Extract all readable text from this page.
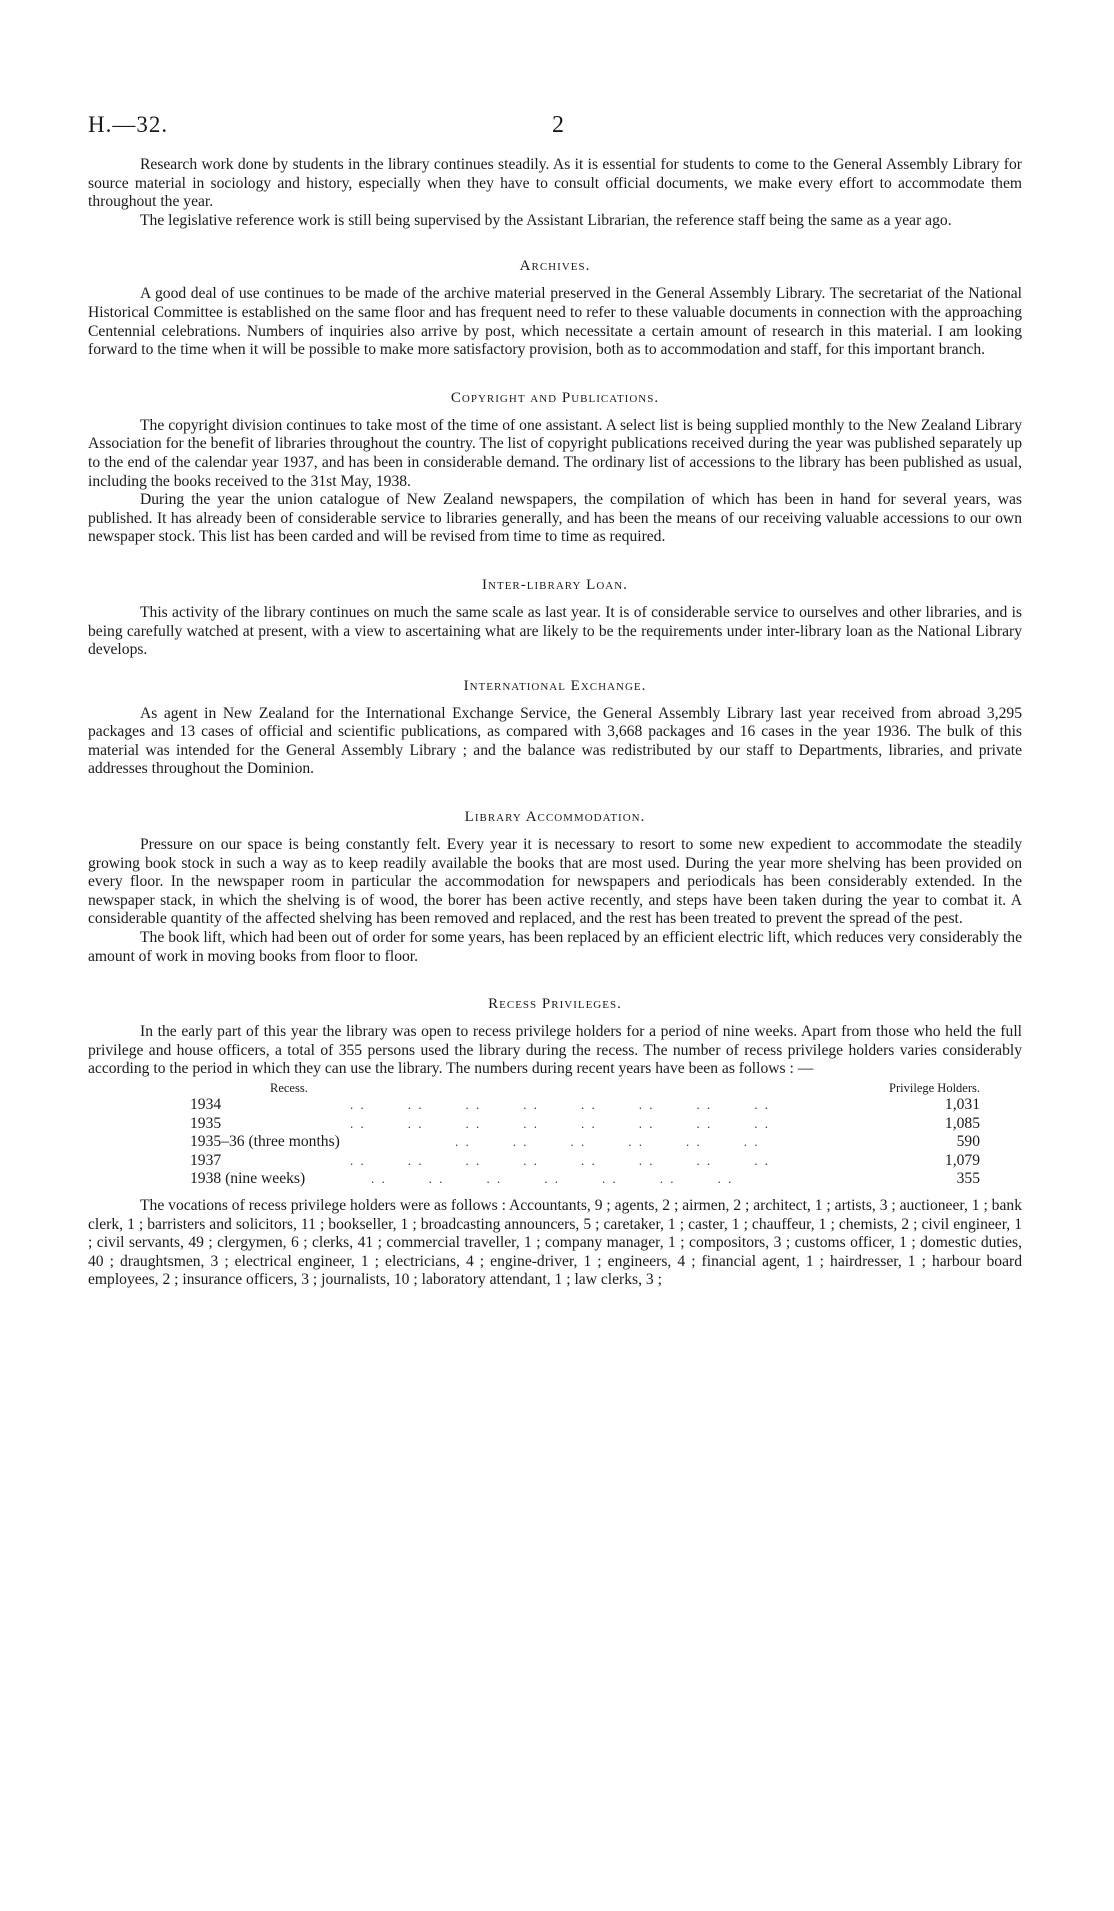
H.—32.	2

Research work done by students in the library continues steadily. As it is essential for students to come to the General Assembly Library for source material in sociology and history, especially when they have to consult official documents, we make every effort to accommodate them throughout the year.

The legislative reference work is still being supervised by the Assistant Librarian, the reference staff being the same as a year ago.

Archives.

A good deal of use continues to be made of the archive material preserved in the General Assembly Library. The secretariat of the National Historical Committee is established on the same floor and has frequent need to refer to these valuable documents in connection with the approaching Centennial celebrations. Numbers of inquiries also arrive by post, which necessitate a certain amount of research in this material. I am looking forward to the time when it will be possible to make more satisfactory provision, both as to accommodation and staff, for this important branch.

Copyright and Publications.

The copyright division continues to take most of the time of one assistant. A select list is being supplied monthly to the New Zealand Library Association for the benefit of libraries throughout the country. The list of copyright publications received during the year was published separately up to the end of the calendar year 1937, and has been in considerable demand. The ordinary list of accessions to the library has been published as usual, including the books received to the 31st May, 1938.

During the year the union catalogue of New Zealand newspapers, the compilation of which has been in hand for several years, was published. It has already been of considerable service to libraries generally, and has been the means of our receiving valuable accessions to our own newspaper stock. This list has been carded and will be revised from time to time as required.

Inter-library Loan.

This activity of the library continues on much the same scale as last year. It is of considerable service to ourselves and other libraries, and is being carefully watched at present, with a view to ascertaining what are likely to be the requirements under inter-library loan as the National Library develops.

International Exchange.

As agent in New Zealand for the International Exchange Service, the General Assembly Library last year received from abroad 3,295 packages and 13 cases of official and scientific publications, as compared with 3,668 packages and 16 cases in the year 1936. The bulk of this material was intended for the General Assembly Library ; and the balance was redistributed by our staff to Departments, libraries, and private addresses throughout the Dominion.

Library Accommodation.

Pressure on our space is being constantly felt. Every year it is necessary to resort to some new expedient to accommodate the steadily growing book stock in such a way as to keep readily available the books that are most used. During the year more shelving has been provided on every floor. In the newspaper room in particular the accommodation for newspapers and periodicals has been considerably extended. In the newspaper stack, in which the shelving is of wood, the borer has been active recently, and steps have been taken during the year to combat it. A considerable quantity of the affected shelving has been removed and replaced, and the rest has been treated to prevent the spread of the pest.

The book lift, which had been out of order for some years, has been replaced by an efficient electric lift, which reduces very considerably the amount of work in moving books from floor to floor.

Recess Privileges.

In the early part of this year the library was open to recess privilege holders for a period of nine weeks. Apart from those who held the full privilege and house officers, a total of 355 persons used the library during the recess. The number of recess privilege holders varies considerably according to the period in which they can use the library. The numbers during recent years have been as follows : —

Recess.		Privilege Holders.
1934	. .        . .        . .        . .        . .        . .        . .        . .	1,031
1935	. .        . .        . .        . .        . .        . .        . .        . .	1,085
1935–36 (three months)	. .        . .        . .        . .        . .        . .	590
1937	. .        . .        . .        . .        . .        . .        . .        . .	1,079
1938 (nine weeks)	. .        . .        . .        . .        . .        . .        . .	355

The vocations of recess privilege holders were as follows : Accountants, 9 ; agents, 2 ; airmen, 2 ; architect, 1 ; artists, 3 ; auctioneer, 1 ; bank clerk, 1 ; barristers and solicitors, 11 ; bookseller, 1 ; broadcasting announcers, 5 ; caretaker, 1 ; caster, 1 ; chauffeur, 1 ; chemists, 2 ; civil engineer, 1 ; civil servants, 49 ; clergymen, 6 ; clerks, 41 ; commercial traveller, 1 ; company manager, 1 ; compositors, 3 ; customs officer, 1 ; domestic duties, 40 ; draughtsmen, 3 ; electrical engineer, 1 ; electricians, 4 ; engine-driver, 1 ; engineers, 4 ; financial agent, 1 ; hairdresser, 1 ; harbour board employees, 2 ; insurance officers, 3 ; journalists, 10 ; laboratory attendant, 1 ; law clerks, 3 ;
